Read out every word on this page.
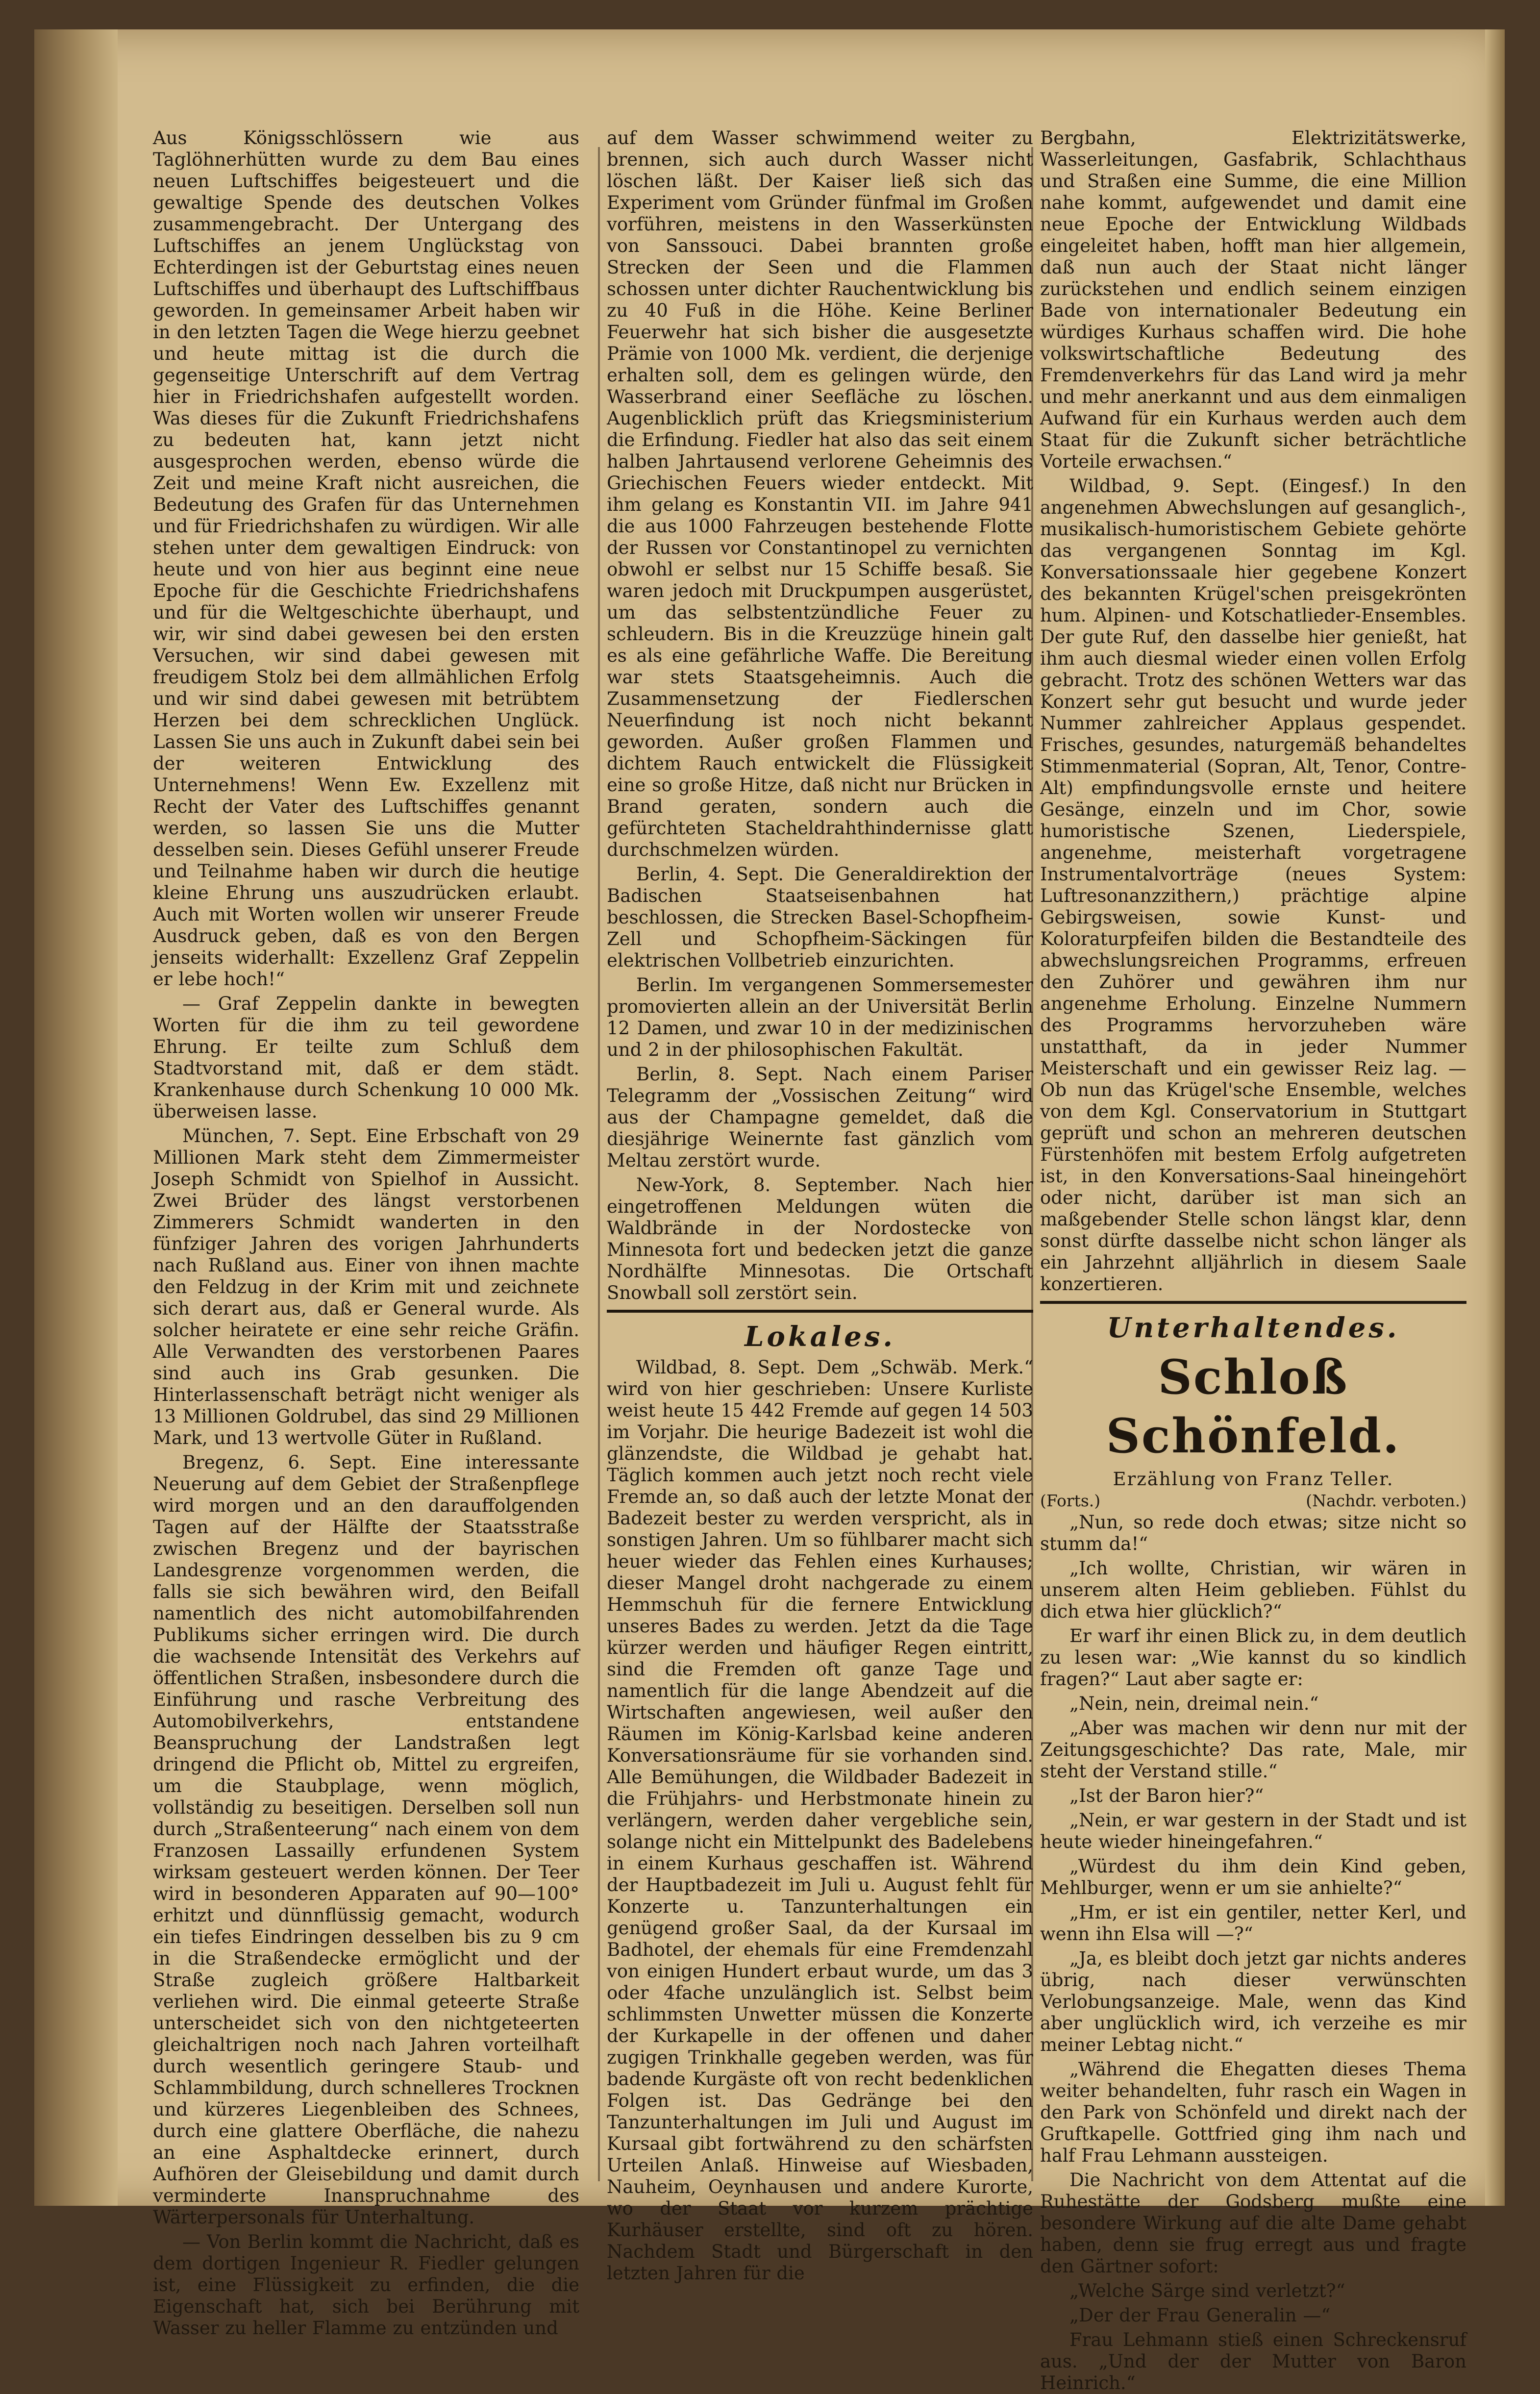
Aus Königsschlössern wie aus Taglöhnerhütten wurde zu dem Bau eines neuen Luftschiffes beigesteuert und die gewaltige Spende des deutschen Volkes zusammengebracht. Der Untergang des Luftschiffes an jenem Unglückstag von Echterdingen ist der Geburtstag eines neuen Luftschiffes und überhaupt des Luftschiffbaus geworden. In gemeinsamer Arbeit haben wir in den letzten Tagen die Wege hierzu geebnet und heute mittag ist die durch die gegenseitige Unterschrift auf dem Vertrag hier in Friedrichshafen aufgestellt worden. Was dieses für die Zukunft Friedrichshafens zu bedeuten hat, kann jetzt nicht ausgesprochen werden, ebenso würde die Zeit und meine Kraft nicht ausreichen, die Bedeutung des Grafen für das Unternehmen und für Friedrichshafen zu würdigen. Wir alle stehen unter dem gewaltigen Eindruck: von heute und von hier aus beginnt eine neue Epoche für die Geschichte Friedrichshafens und für die Weltgeschichte überhaupt, und wir, wir sind dabei gewesen bei den ersten Versuchen, wir sind dabei gewesen mit freudigem Stolz bei dem allmählichen Erfolg und wir sind dabei gewesen mit betrübtem Herzen bei dem schrecklichen Unglück. Lassen Sie uns auch in Zukunft dabei sein bei der weiteren Entwicklung des Unternehmens! Wenn Ew. Exzellenz mit Recht der Vater des Luftschiffes genannt werden, so lassen Sie uns die Mutter desselben sein. Dieses Gefühl unserer Freude und Teilnahme haben wir durch die heutige kleine Ehrung uns auszudrücken erlaubt. Auch mit Worten wollen wir unserer Freude Ausdruck geben, daß es von den Bergen jenseits widerhallt: Exzellenz Graf Zeppelin er lebe hoch!“

— Graf Zeppelin dankte in bewegten Worten für die ihm zu teil gewordene Ehrung. Er teilte zum Schluß dem Stadtvorstand mit, daß er dem städt. Krankenhause durch Schenkung 10 000 Mk. überweisen lasse.

München, 7. Sept. Eine Erbschaft von 29 Millionen Mark steht dem Zimmermeister Joseph Schmidt von Spielhof in Aussicht. Zwei Brüder des längst verstorbenen Zimmerers Schmidt wanderten in den fünfziger Jahren des vorigen Jahrhunderts nach Rußland aus. Einer von ihnen machte den Feldzug in der Krim mit und zeichnete sich derart aus, daß er General wurde. Als solcher heiratete er eine sehr reiche Gräfin. Alle Verwandten des verstorbenen Paares sind auch ins Grab gesunken. Die Hinterlassenschaft beträgt nicht weniger als 13 Millionen Goldrubel, das sind 29 Millionen Mark, und 13 wertvolle Güter in Rußland.

Bregenz, 6. Sept. Eine interessante Neuerung auf dem Gebiet der Straßenpflege wird morgen und an den darauffolgenden Tagen auf der Hälfte der Staatsstraße zwischen Bregenz und der bayrischen Landesgrenze vorgenommen werden, die falls sie sich bewähren wird, den Beifall namentlich des nicht automobilfahrenden Publikums sicher erringen wird. Die durch die wachsende Intensität des Verkehrs auf öffentlichen Straßen, insbesondere durch die Einführung und rasche Verbreitung des Automobilverkehrs, entstandene Beanspruchung der Landstraßen legt dringend die Pflicht ob, Mittel zu ergreifen, um die Staubplage, wenn möglich, vollständig zu beseitigen. Derselben soll nun durch „Straßenteerung“ nach einem von dem Franzosen Lassailly erfundenen System wirksam gesteuert werden können. Der Teer wird in besonderen Apparaten auf 90—100° erhitzt und dünnflüssig gemacht, wodurch ein tiefes Eindringen desselben bis zu 9 cm in die Straßendecke ermöglicht und der Straße zugleich größere Haltbarkeit verliehen wird. Die einmal geteerte Straße unterscheidet sich von den nichtgeteerten gleichaltrigen noch nach Jahren vorteilhaft durch wesentlich geringere Staub- und Schlammbildung, durch schnelleres Trocknen und kürzeres Liegenbleiben des Schnees, durch eine glattere Oberfläche, die nahezu an eine Asphaltdecke erinnert, durch Aufhören der Gleisebildung und damit durch verminderte Inanspruchnahme des Wärterpersonals für Unterhaltung.

— Von Berlin kommt die Nachricht, daß es dem dortigen Ingenieur R. Fiedler gelungen ist, eine Flüssigkeit zu erfinden, die die Eigenschaft hat, sich bei Berührung mit Wasser zu heller Flamme zu entzünden und

auf dem Wasser schwimmend weiter zu brennen, sich auch durch Wasser nicht löschen läßt. Der Kaiser ließ sich das Experiment vom Gründer fünfmal im Großen vorführen, meistens in den Wasserkünsten von Sanssouci. Dabei brannten große Strecken der Seen und die Flammen schossen unter dichter Rauchentwicklung bis zu 40 Fuß in die Höhe. Keine Berliner Feuerwehr hat sich bisher die ausgesetzte Prämie von 1000 Mk. verdient, die derjenige erhalten soll, dem es gelingen würde, den Wasserbrand einer Seefläche zu löschen. Augenblicklich prüft das Kriegsministerium die Erfindung. Fiedler hat also das seit einem halben Jahrtausend verlorene Geheimnis des Griechischen Feuers wieder entdeckt. Mit ihm gelang es Konstantin VII. im Jahre 941 die aus 1000 Fahrzeugen bestehende Flotte der Russen vor Constantinopel zu vernichten obwohl er selbst nur 15 Schiffe besaß. Sie waren jedoch mit Druckpumpen ausgerüstet, um das selbstentzündliche Feuer zu schleudern. Bis in die Kreuzzüge hinein galt es als eine gefährliche Waffe. Die Bereitung war stets Staatsgeheimnis. Auch die Zusammensetzung der Fiedlerschen Neuerfindung ist noch nicht bekannt geworden. Außer großen Flammen und dichtem Rauch entwickelt die Flüssigkeit eine so große Hitze, daß nicht nur Brücken in Brand geraten, sondern auch die gefürchteten Stacheldrahthindernisse glatt durchschmelzen würden.

Berlin, 4. Sept. Die Generaldirektion der Badischen Staatseisenbahnen hat beschlossen, die Strecken Basel-Schopfheim-Zell und Schopfheim-Säckingen für elektrischen Vollbetrieb einzurichten.

Berlin. Im vergangenen Sommersemester promovierten allein an der Universität Berlin 12 Damen, und zwar 10 in der medizinischen und 2 in der philosophischen Fakultät.

Berlin, 8. Sept. Nach einem Pariser Telegramm der „Vossischen Zeitung“ wird aus der Champagne gemeldet, daß die diesjährige Weinernte fast gänzlich vom Meltau zerstört wurde.

New-York, 8. September. Nach hier eingetroffenen Meldungen wüten die Waldbrände in der Nordostecke von Minnesota fort und bedecken jetzt die ganze Nordhälfte Minnesotas. Die Ortschaft Snowball soll zerstört sein.

Lokales.

Wildbad, 8. Sept. Dem „Schwäb. Merk.“ wird von hier geschrieben: Unsere Kurliste weist heute 15 442 Fremde auf gegen 14 503 im Vorjahr. Die heurige Badezeit ist wohl die glänzendste, die Wildbad je gehabt hat. Täglich kommen auch jetzt noch recht viele Fremde an, so daß auch der letzte Monat der Badezeit bester zu werden verspricht, als in sonstigen Jahren. Um so fühlbarer macht sich heuer wieder das Fehlen eines Kurhauses; dieser Mangel droht nachgerade zu einem Hemmschuh für die fernere Entwicklung unseres Bades zu werden. Jetzt da die Tage kürzer werden und häufiger Regen eintritt, sind die Fremden oft ganze Tage und namentlich für die lange Abendzeit auf die Wirtschaften angewiesen, weil außer den Räumen im König-Karlsbad keine anderen Konversationsräume für sie vorhanden sind. Alle Bemühungen, die Wildbader Badezeit in die Frühjahrs- und Herbstmonate hinein zu verlängern, werden daher vergebliche sein, solange nicht ein Mittelpunkt des Badelebens in einem Kurhaus geschaffen ist. Während der Hauptbadezeit im Juli u. August fehlt für Konzerte u. Tanzunterhaltungen ein genügend großer Saal, da der Kursaal im Badhotel, der ehemals für eine Fremdenzahl von einigen Hundert erbaut wurde, um das 3 oder 4fache unzulänglich ist. Selbst beim schlimmsten Unwetter müssen die Konzerte der Kurkapelle in der offenen und daher zugigen Trinkhalle gegeben werden, was für badende Kurgäste oft von recht bedenklichen Folgen ist. Das Gedränge bei den Tanzunterhaltungen im Juli und August im Kursaal gibt fortwährend zu den schärfsten Urteilen Anlaß. Hinweise auf Wiesbaden, Nauheim, Oeynhausen und andere Kurorte, wo der Staat vor kurzem prächtige Kurhäuser erstellte, sind oft zu hören. Nachdem Stadt und Bürgerschaft in den letzten Jahren für die

Bergbahn, Elektrizitätswerke, Wasserleitungen, Gasfabrik, Schlachthaus und Straßen eine Summe, die eine Million nahe kommt, aufgewendet und damit eine neue Epoche der Entwicklung Wildbads eingeleitet haben, hofft man hier allgemein, daß nun auch der Staat nicht länger zurückstehen und endlich seinem einzigen Bade von internationaler Bedeutung ein würdiges Kurhaus schaffen wird. Die hohe volkswirtschaftliche Bedeutung des Fremdenverkehrs für das Land wird ja mehr und mehr anerkannt und aus dem einmaligen Aufwand für ein Kurhaus werden auch dem Staat für die Zukunft sicher beträchtliche Vorteile erwachsen.“

Wildbad, 9. Sept. (Eingesf.) In den angenehmen Abwechslungen auf gesanglich-, musikalisch-humoristischem Gebiete gehörte das vergangenen Sonntag im Kgl. Konversationssaale hier gegebene Konzert des bekannten Krügel'schen preisgekrönten hum. Alpinen- und Kotschatlieder-Ensembles. Der gute Ruf, den dasselbe hier genießt, hat ihm auch diesmal wieder einen vollen Erfolg gebracht. Trotz des schönen Wetters war das Konzert sehr gut besucht und wurde jeder Nummer zahlreicher Applaus gespendet. Frisches, gesundes, naturgemäß behandeltes Stimmenmaterial (Sopran, Alt, Tenor, Contre-Alt) empfindungsvolle ernste und heitere Gesänge, einzeln und im Chor, sowie humoristische Szenen, Liederspiele, angenehme, meisterhaft vorgetragene Instrumentalvorträge (neues System: Luftresonanzzithern,) prächtige alpine Gebirgsweisen, sowie Kunst- und Koloraturpfeifen bilden die Bestandteile des abwechslungsreichen Programms, erfreuen den Zuhörer und gewähren ihm nur angenehme Erholung. Einzelne Nummern des Programms hervorzuheben wäre unstatthaft, da in jeder Nummer Meisterschaft und ein gewisser Reiz lag. — Ob nun das Krügel'sche Ensemble, welches von dem Kgl. Conservatorium in Stuttgart geprüft und schon an mehreren deutschen Fürstenhöfen mit bestem Erfolg aufgetreten ist, in den Konversations-Saal hineingehört oder nicht, darüber ist man sich an maßgebender Stelle schon längst klar, denn sonst dürfte dasselbe nicht schon länger als ein Jahrzehnt alljährlich in diesem Saale konzertieren.

Unterhaltendes.
Schloß Schönfeld.
Erzählung von Franz Teller.
(Forts.)	(Nachdr. verboten.)

„Nun, so rede doch etwas; sitze nicht so stumm da!“

„Ich wollte, Christian, wir wären in unserem alten Heim geblieben. Fühlst du dich etwa hier glücklich?“

Er warf ihr einen Blick zu, in dem deutlich zu lesen war: „Wie kannst du so kindlich fragen?“ Laut aber sagte er:

„Nein, nein, dreimal nein.“

„Aber was machen wir denn nur mit der Zeitungsgeschichte? Das rate, Male, mir steht der Verstand stille.“

„Ist der Baron hier?“

„Nein, er war gestern in der Stadt und ist heute wieder hineingefahren.“

„Würdest du ihm dein Kind geben, Mehlburger, wenn er um sie anhielte?“

„Hm, er ist ein gentiler, netter Kerl, und wenn ihn Elsa will —?“

„Ja, es bleibt doch jetzt gar nichts anderes übrig, nach dieser verwünschten Verlobungsanzeige. Male, wenn das Kind aber unglücklich wird, ich verzeihe es mir meiner Lebtag nicht.“

„Während die Ehegatten dieses Thema weiter behandelten, fuhr rasch ein Wagen in den Park von Schönfeld und direkt nach der Gruftkapelle. Gottfried ging ihm nach und half Frau Lehmann aussteigen.

Die Nachricht von dem Attentat auf die Ruhestätte der Godsberg mußte eine besondere Wirkung auf die alte Dame gehabt haben, denn sie frug erregt aus und fragte den Gärtner sofort:

„Welche Särge sind verletzt?“

„Der der Frau Generalin —“

Frau Lehmann stieß einen Schreckensruf aus. „Und der der Mutter von Baron Heinrich.“
